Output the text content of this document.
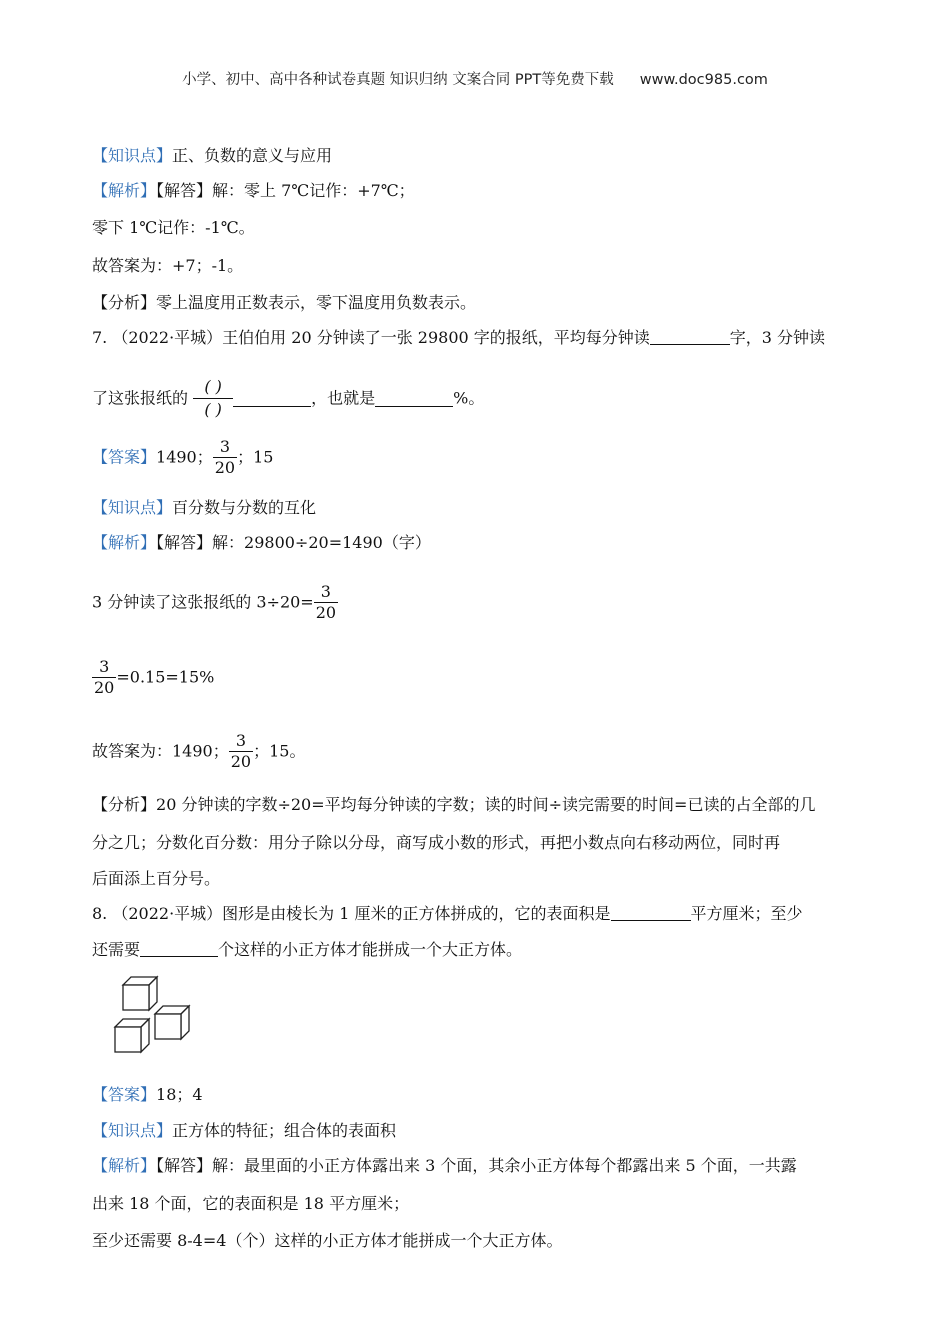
小学、初中、高中各种试卷真题 知识归纳 文案合同 PPT等免费下载 www.doc985.com
【知识点】正、负数的意义与应用
【解析】【解答】解：零上 7℃记作：+7℃；
零下 1℃记作：-1℃。
故答案为：+7；-1。
【分析】零上温度用正数表示，零下温度用负数表示。
7. （2022·平城）王伯伯用 20 分钟读了一张 29800 字的报纸，平均每分钟读	字，3 分钟读
了这张报纸的 $\frac{( )}{( )}$	，也就是	%。
【答案】1490； $\frac{3}{20}$ ；15
【知识点】百分数与分数的互化
【解析】【解答】解：29800÷20=1490（字）
3 分钟读了这张报纸的 $3\div 20= \frac{3}{20}$
$\frac{3}{20} =0.15=15\%$
故答案为：1490； $\frac{3}{20}$ ；15。
【分析】20 分钟读的字数÷20=平均每分钟读的字数；读的时间÷读完需要的时间=已读的占全部的几
分之几；分数化百分数：用分子除以分母，商写成小数的形式，再把小数点向右移动两位，同时再
后面添上百分号。
8. （2022·平城）图形是由棱长为 1 厘米的正方体拼成的，它的表面积是	平方厘米；至少
还需要	个这样的小正方体才能拼成一个大正方体。
【答案】18；4
【知识点】正方体的特征；组合体的表面积
【解析】【解答】解：最里面的小正方体露出来 3 个面，其余小正方体每个都露出来 5 个面，一共露
出来 18 个面，它的表面积是 18 平方厘米；
至少还需要 8-4=4（个）这样的小正方体才能拼成一个大正方体。
